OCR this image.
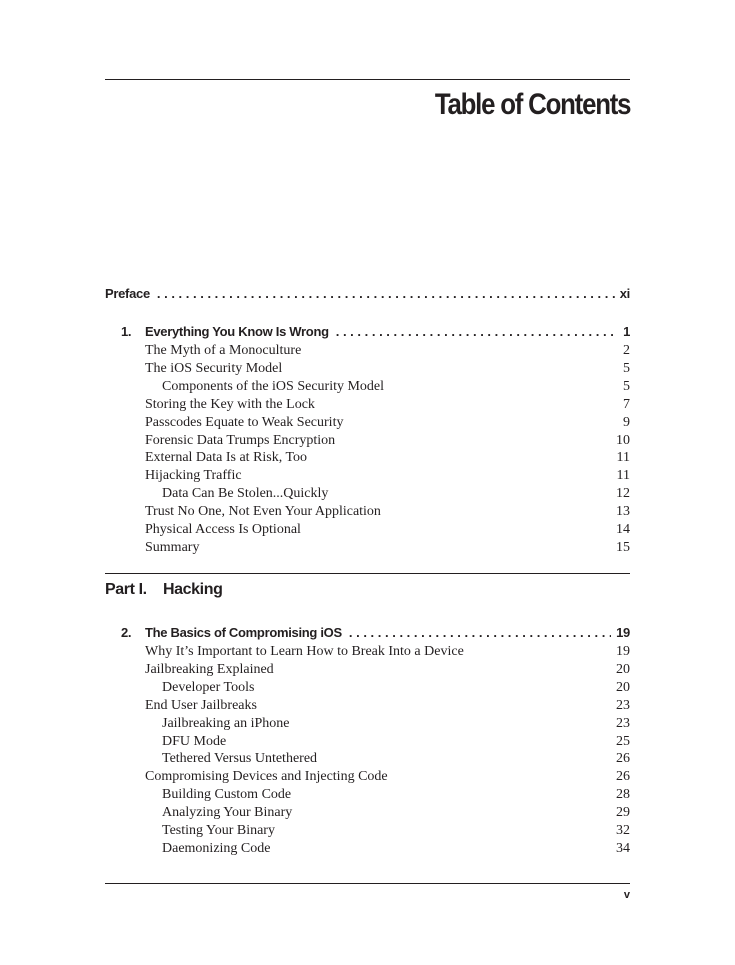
Table of Contents
Preface . . .	xi
1.	Everything You Know Is Wrong . . .	1
The Myth of a Monoculture	2
The iOS Security Model	5
Components of the iOS Security Model	5
Storing the Key with the Lock	7
Passcodes Equate to Weak Security	9
Forensic Data Trumps Encryption	10
External Data Is at Risk, Too	11
Hijacking Traffic	11
Data Can Be Stolen...Quickly	12
Trust No One, Not Even Your Application	13
Physical Access Is Optional	14
Summary	15
Part I. Hacking
2.	The Basics of Compromising iOS . . .	19
Why It’s Important to Learn How to Break Into a Device	19
Jailbreaking Explained	20
Developer Tools	20
End User Jailbreaks	23
Jailbreaking an iPhone	23
DFU Mode	25
Tethered Versus Untethered	26
Compromising Devices and Injecting Code	26
Building Custom Code	28
Analyzing Your Binary	29
Testing Your Binary	32
Daemonizing Code	34
v
